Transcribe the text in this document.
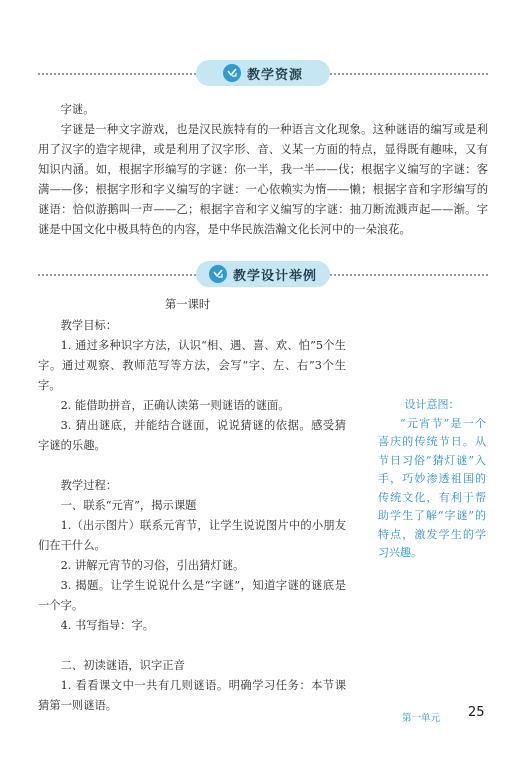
教学资源

字谜。

字谜是一种文字游戏，也是汉民族特有的一种语言文化现象。这种谜语的编写或是利用了汉字的造字规律，或是利用了汉字形、音、义某一方面的特点，显得既有趣味，又有知识内涵。如，根据字形编写的字谜：你一半，我一半——伐；根据字义编写的字谜：客满——侈；根据字形和字义编写的字谜：一心依赖实为惰——懒；根据字音和字形编写的谜语：恰似游鹅叫一声——乙；根据字音和字义编写的字谜：抽刀断流溅声起——渐。字谜是中国文化中极具特色的内容，是中华民族浩瀚文化长河中的一朵浪花。

教学设计举例
第一课时

教学目标：

1. 通过多种识字方法，认识“相、遇、喜、欢、怕”5个生字。通过观察、教师范写等方法，会写“字、左、右”3个生字。

2. 能借助拼音，正确认读第一则谜语的谜面。

3. 猜出谜底，并能结合谜面，说说猜谜的依据。感受猜字谜的乐趣。

教学过程：

一、联系“元宵”，揭示课题

1.（出示图片）联系元宵节，让学生说说图片中的小朋友们在干什么。

2. 讲解元宵节的习俗，引出猜灯谜。

3. 揭题。让学生说说什么是“字谜”，知道字谜的谜底是一个字。

4. 书写指导：字。

二、初读谜语，识字正音

1. 看看课文中一共有几则谜语。明确学习任务：本节课猜第一则谜语。

设计意图：
“元宵节”是一个喜庆的传统节日。从节日习俗“猜灯谜”入手，巧妙渗透祖国的传统文化，有利于帮助学生了解“字谜”的特点，激发学生的学习兴趣。
第一单元 25
